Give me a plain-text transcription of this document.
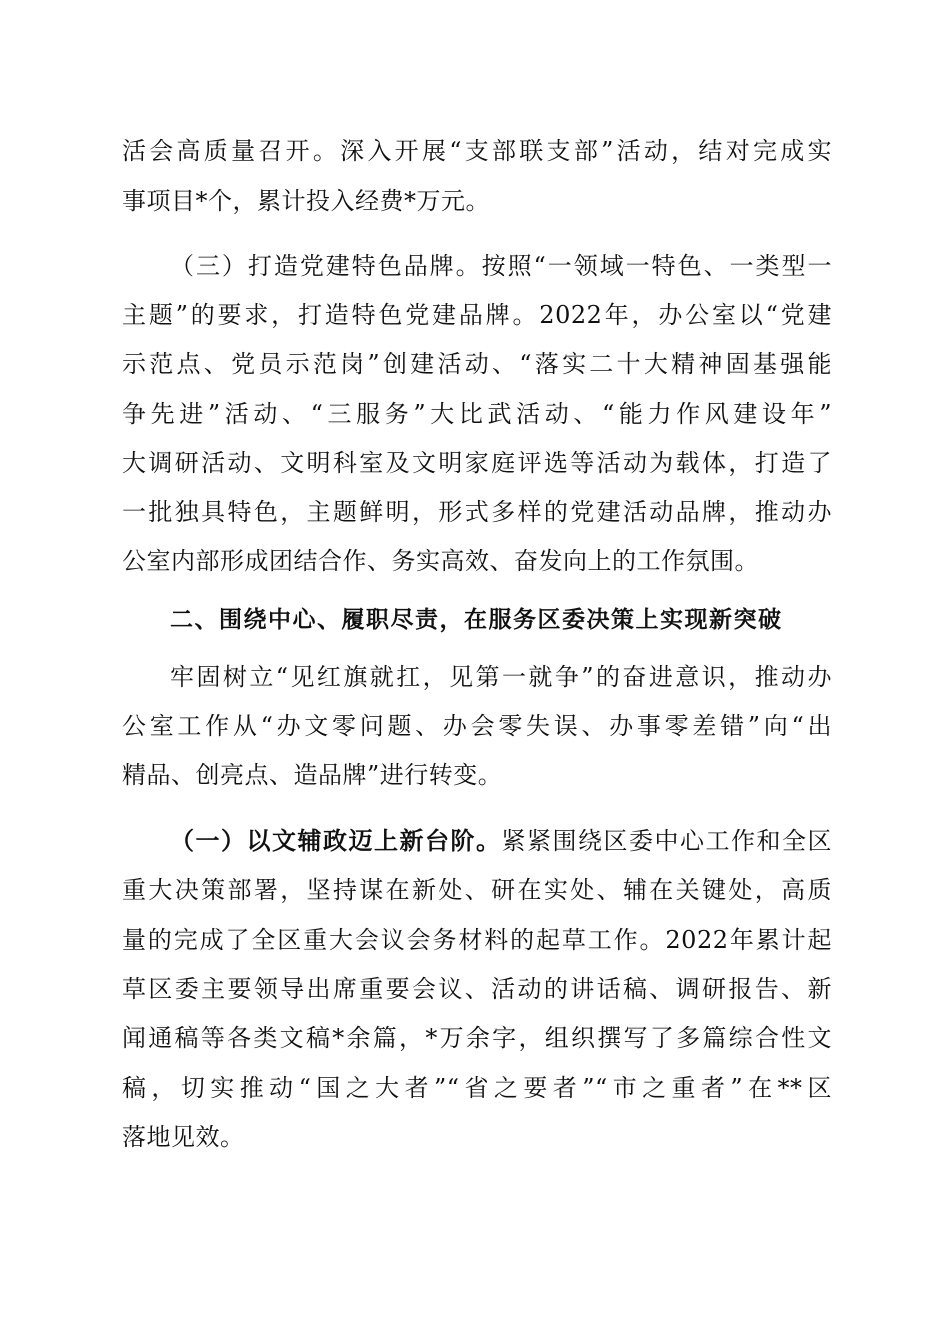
活会高质量召开。深入开展“支部联支部”活动，结对完成实
事项目*个，累计投入经费*万元。
（三）打造党建特色品牌。按照“一领域一特色、一类型一
主题”的要求，打造特色党建品牌。2022年，办公室以“党建
示范点、党员示范岗”创建活动、“落实二十大精神固基强能
争先进”活动、“三服务”大比武活动、“能力作风建设年”
大调研活动、文明科室及文明家庭评选等活动为载体，打造了
一批独具特色，主题鲜明，形式多样的党建活动品牌，推动办
公室内部形成团结合作、务实高效、奋发向上的工作氛围。
二、围绕中心、履职尽责，在服务区委决策上实现新突破
牢固树立“见红旗就扛，见第一就争”的奋进意识，推动办
公室工作从“办文零问题、办会零失误、办事零差错”向“出
精品、创亮点、造品牌”进行转变。
（一）以文辅政迈上新台阶。紧紧围绕区委中心工作和全区
重大决策部署，坚持谋在新处、研在实处、辅在关键处，高质
量的完成了全区重大会议会务材料的起草工作。2022年累计起
草区委主要领导出席重要会议、活动的讲话稿、调研报告、新
闻通稿等各类文稿*余篇，*万余字，组织撰写了多篇综合性文
稿，切实推动“国之大者”“省之要者”“市之重者”在**区
落地见效。
